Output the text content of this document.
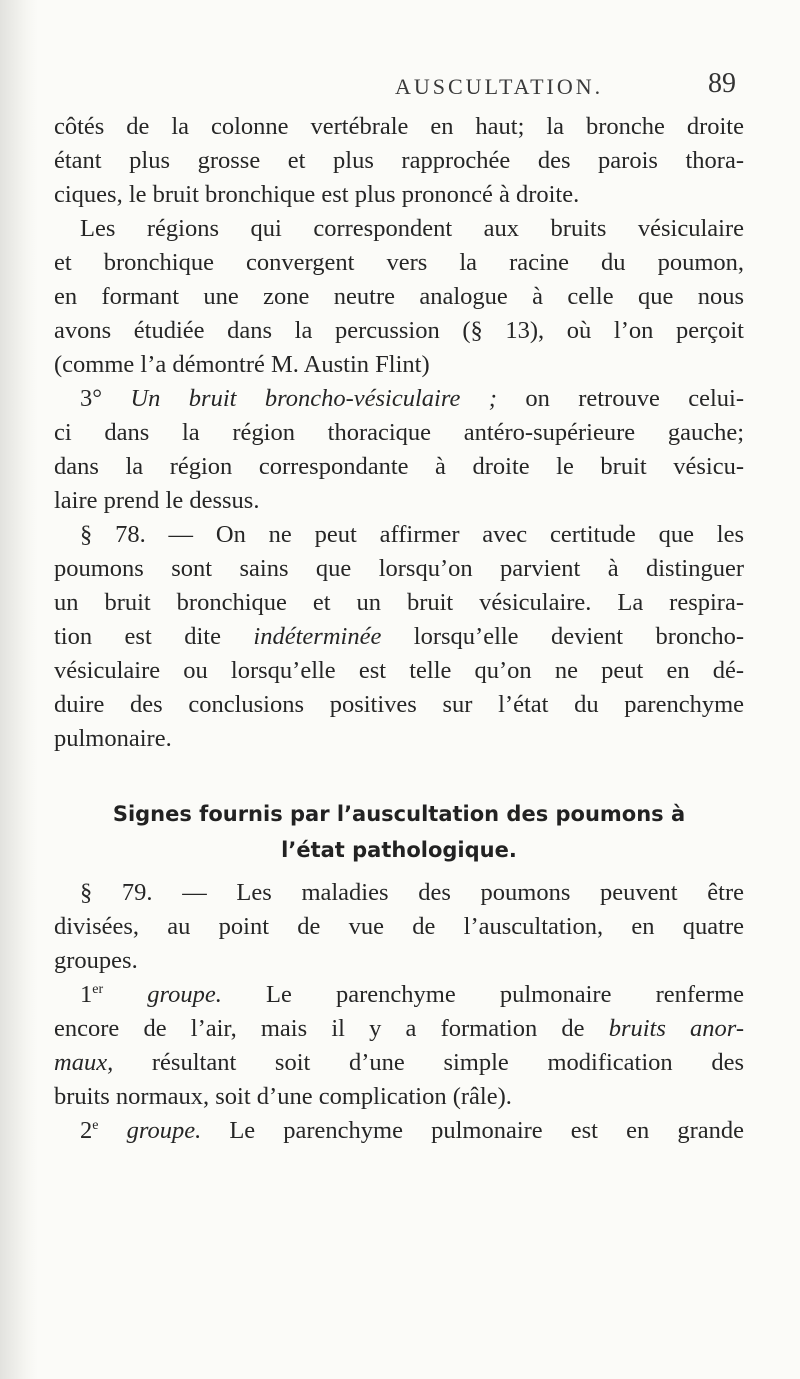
AUSCULTATION.	89
côtés de la colonne vertébrale en haut; la bronche droite
étant plus grosse et plus rapprochée des parois thora-
ciques, le bruit bronchique est plus prononcé à droite.
Les régions qui correspondent aux bruits vésiculaire
et bronchique convergent vers la racine du poumon,
en formant une zone neutre analogue à celle que nous
avons étudiée dans la percussion (§ 13), où l’on perçoit
(comme l’a démontré M. Austin Flint)
3° Un bruit broncho-vésiculaire ; on retrouve celui-
ci dans la région thoracique antéro-supérieure gauche;
dans la région correspondante à droite le bruit vésicu-
laire prend le dessus.
§ 78. — On ne peut affirmer avec certitude que les
poumons sont sains que lorsqu’on parvient à distinguer
un bruit bronchique et un bruit vésiculaire. La respira-
tion est dite indéterminée lorsqu’elle devient broncho-
vésiculaire ou lorsqu’elle est telle qu’on ne peut en dé-
duire des conclusions positives sur l’état du parenchyme
pulmonaire.
Signes fournis par l’auscultation des poumons à
l’état pathologique.
§ 79. — Les maladies des poumons peuvent être
divisées, au point de vue de l’auscultation, en quatre
groupes.
1er groupe. Le parenchyme pulmonaire renferme
encore de l’air, mais il y a formation de bruits anor-
maux, résultant soit d’une simple modification des
bruits normaux, soit d’une complication (râle).
2e groupe. Le parenchyme pulmonaire est en grande
